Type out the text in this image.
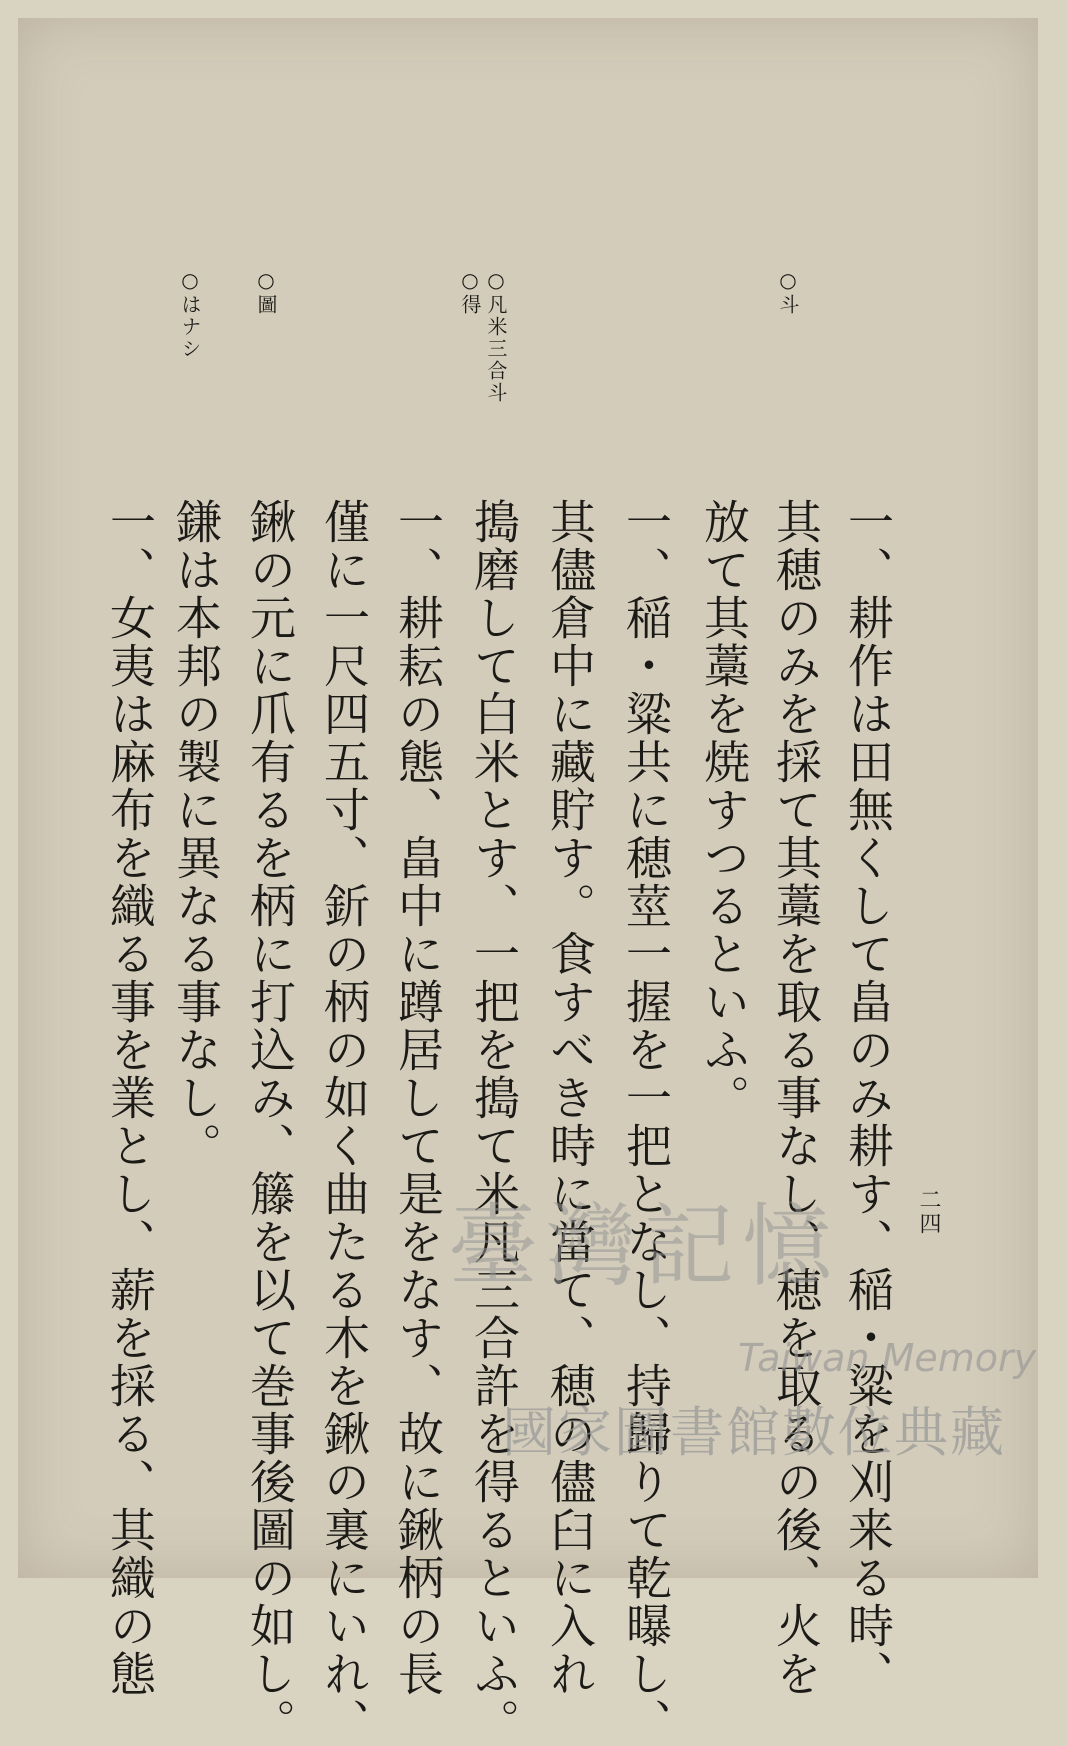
二四
一、耕作は田無くして畠のみ耕す、稲・粱を刈来る時、
其穂のみを採て其藁を取る事なし、穂を取るの後、火を
放て其藁を焼すつるといふ。
一、稲・粱共に穂莖一握を一把となし、持歸りて乾曝し、
其儘倉中に藏貯す。食すべき時に當て、穂の儘臼に入れ
搗磨して白米とす、一把を搗て米凡三合許を得るといふ。
一、耕耘の態、畠中に蹲居して是をなす、故に鍬柄の長
僅に一尺四五寸、釿の柄の如く曲たる木を鍬の裏にいれ、
鍬の元に爪有るを柄に打込み、籐を以て巻事後圖の如し。
鎌は本邦の製に異なる事なし。
一、女夷は麻布を織る事を業とし、薪を採る、其織の態
○斗
○凡米三合斗
○得
○圖
○はナシ
臺灣記憶
Taiwan Memory
國家圖書館數位典藏
